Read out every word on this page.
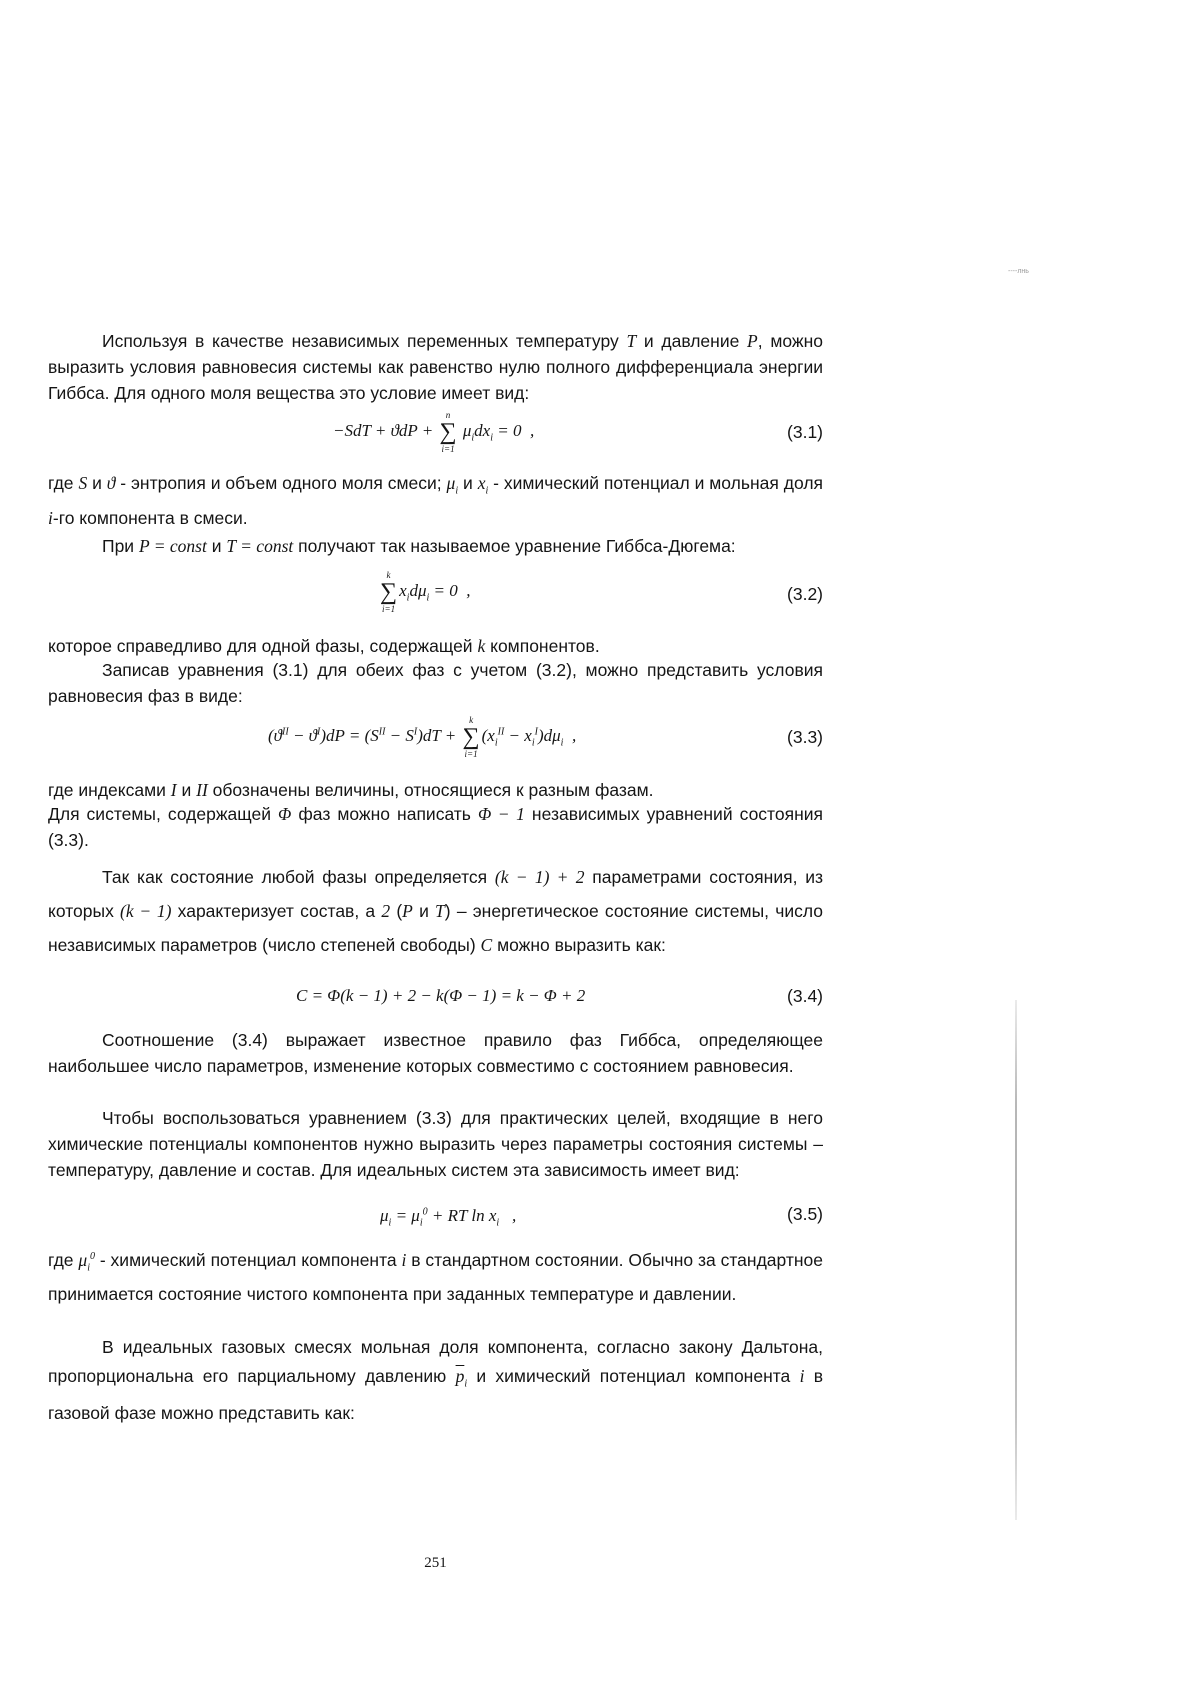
----лнь

Используя в качестве независимых переменных температуру T и давление P, можно выразить условия равновесия системы как равенство нулю полного дифференциала энергии Гиббса. Для одного моля вещества это условие имеет вид:

−SdT + ϑdP + ∑
n
i=1
$\mu_idx_i = 0$  ,	(3.1)

где S и ϑ - энтропия и объем одного моля смеси; $\mu_i$ и $x_i$ - химический потенциал и мольная доля i-го компонента в смеси.

При P = const и T = const получают так называемое уравнение Гиббса-Дюгема:

∑
k
i=1
$x_id\mu_i = 0$  ,	(3.2)

которое справедливо для одной фазы, содержащей k компонентов.

Записав уравнения (3.1) для обеих фаз с учетом (3.2), можно представить условия равновесия фаз в виде:

$(ϑ^{II} - ϑ^I)dP = (S^{II} - S^I)dT$ + ∑
k
i=1
$(x_i^{II} - x_i^I)d\mu_i$  ,	(3.3)

где индексами I и II обозначены величины, относящиеся к разным фазам.

Для системы, содержащей Φ фаз можно написать Φ − 1 независимых уравнений состояния (3.3).

Так как состояние любой фазы определяется (k − 1) + 2 параметрами состояния, из которых (k − 1) характеризует состав, а 2 (P и T) – энергетическое состояние системы, число независимых параметров (число степеней свободы) C можно выразить как:

C = Φ(k − 1) + 2 − k(Φ − 1) = k − Φ + 2	(3.4)

Соотношение (3.4) выражает известное правило фаз Гиббса, определяющее наибольшее число параметров, изменение которых совместимо с состоянием равновесия.

Чтобы воспользоваться уравнением (3.3) для практических целей, входящие в него химические потенциалы компонентов нужно выразить через параметры состояния системы – температуру, давление и состав. Для идеальных систем эта зависимость имеет вид:

$\mu_i = \mu_i^0$ + RT $\ln x_i$   ,	(3.5)

где $\mu_i^0$ - химический потенциал компонента i в стандартном состоянии. Обычно за стандартное принимается состояние чистого компонента при заданных температуре и давлении.

В идеальных газовых смесях мольная доля компонента, согласно закону Дальтона, пропорциональна его парциальному давлению $\overline{p}_i$ и химический потенциал компонента i в газовой фазе можно представить как:

251
